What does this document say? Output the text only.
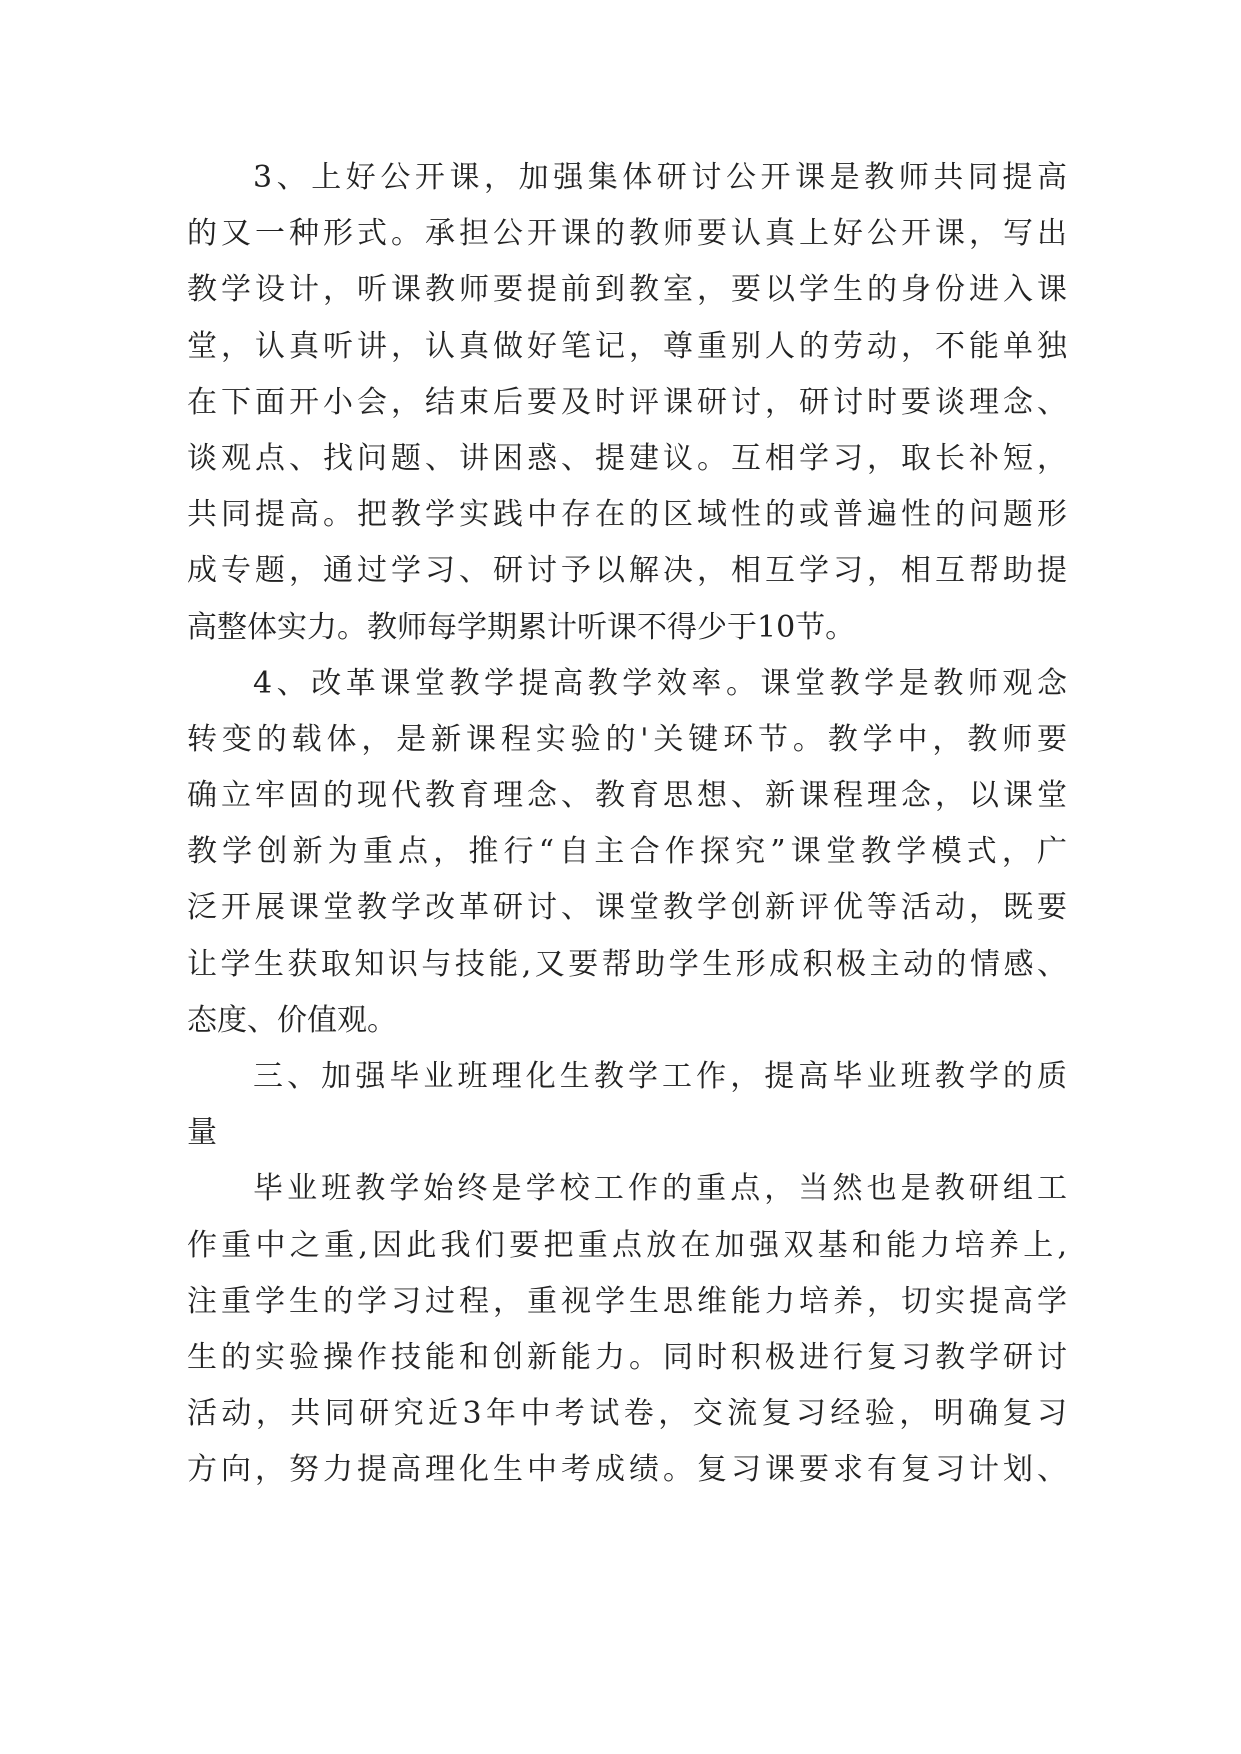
3、上好公开课，加强集体研讨公开课是教师共同提高
的又一种形式。承担公开课的教师要认真上好公开课，写出
教学设计，听课教师要提前到教室，要以学生的身份进入课
堂，认真听讲，认真做好笔记，尊重别人的劳动，不能单独
在下面开小会，结束后要及时评课研讨，研讨时要谈理念、
谈观点、找问题、讲困惑、提建议。互相学习，取长补短，
共同提高。把教学实践中存在的区域性的或普遍性的问题形
成专题，通过学习、研讨予以解决，相互学习，相互帮助提
高整体实力。教师每学期累计听课不得少于10节。
4、改革课堂教学提高教学效率。课堂教学是教师观念
转变的载体，是新课程实验的'关键环节。教学中，教师要
确立牢固的现代教育理念、教育思想、新课程理念，以课堂
教学创新为重点，推行“自主合作探究”课堂教学模式，广
泛开展课堂教学改革研讨、课堂教学创新评优等活动，既要
让学生获取知识与技能,又要帮助学生形成积极主动的情感、
态度、价值观。
三、加强毕业班理化生教学工作，提高毕业班教学的质
量
毕业班教学始终是学校工作的重点，当然也是教研组工
作重中之重,因此我们要把重点放在加强双基和能力培养上,
注重学生的学习过程，重视学生思维能力培养，切实提高学
生的实验操作技能和创新能力。同时积极进行复习教学研讨
活动，共同研究近3年中考试卷，交流复习经验，明确复习
方向，努力提高理化生中考成绩。复习课要求有复习计划、
